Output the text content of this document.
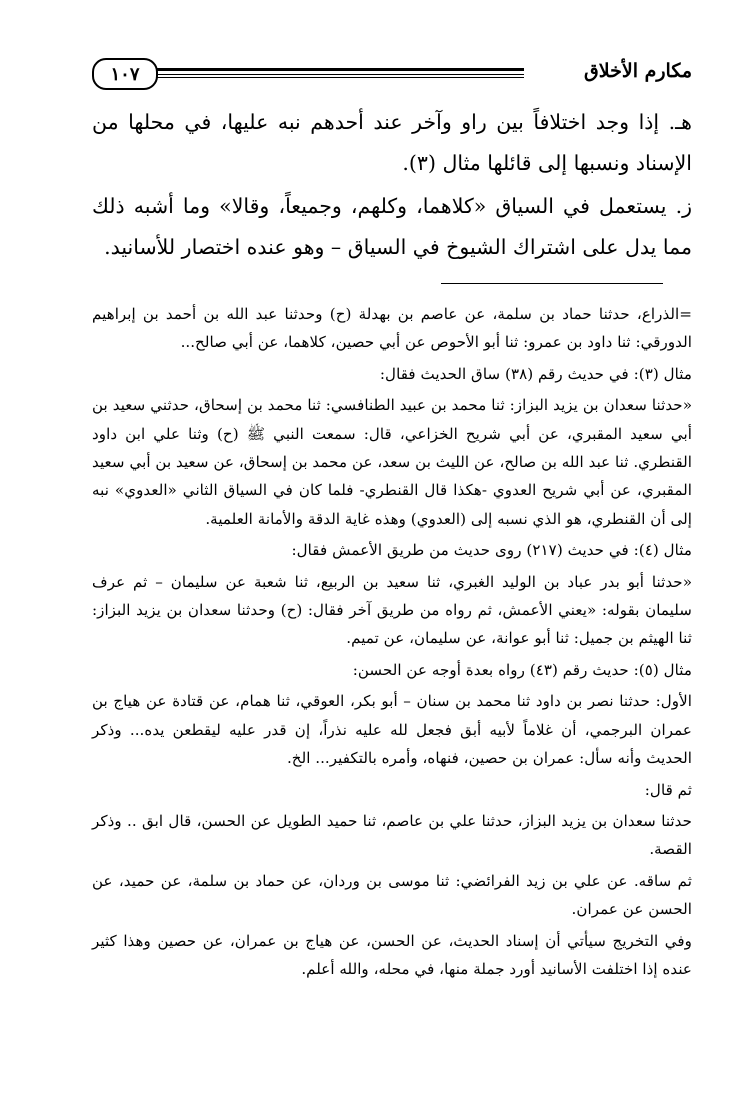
١٠٧	مكارم الأخلاق

هـ. إذا وجد اختلافاً بين راو وآخر عند أحدهم نبه عليها، في محلها من الإسناد ونسبها إلى قائلها مثال (٣).

ز. يستعمل في السياق «كلاهما، وكلهم، وجميعاً، وقالا» وما أشبه ذلك مما يدل على اشتراك الشيوخ في السياق – وهو عنده اختصار للأسانيد.

=الذراع، حدثنا حماد بن سلمة، عن عاصم بن بهدلة (ح) وحدثنا عبد الله بن أحمد بن إبراهيم الدورقي: ثنا داود بن عمرو: ثنا أبو الأحوص عن أبي حصين، كلاهما، عن أبي صالح...

مثال (٣): في حديث رقم (٣٨) ساق الحديث فقال:

«حدثنا سعدان بن يزيد البزاز: ثنا محمد بن عبيد الطنافسي: ثنا محمد بن إسحاق، حدثني سعيد بن أبي سعيد المقبري، عن أبي شريح الخزاعي، قال: سمعت النبي ﷺ (ح) وثنا علي ابن داود القنطري. ثنا عبد الله بن صالح، عن الليث بن سعد، عن محمد بن إسحاق، عن سعيد بن أبي سعيد المقبري، عن أبي شريح العدوي -هكذا قال القنطري- فلما كان في السياق الثاني «العدوي» نبه إلى أن القنطري، هو الذي نسبه إلى (العدوي) وهذه غاية الدقة والأمانة العلمية.

مثال (٤): في حديث (٢١٧) روى حديث من طريق الأعمش فقال:

«حدثنا أبو بدر عباد بن الوليد الغبري، ثنا سعيد بن الربيع، ثنا شعبة عن سليمان – ثم عرف سليمان بقوله: «يعني الأعمش، ثم رواه من طريق آخر فقال: (ح) وحدثنا سعدان بن يزيد البزاز: ثنا الهيثم بن جميل: ثنا أبو عوانة، عن سليمان، عن تميم.

مثال (٥): حديث رقم (٤٣) رواه بعدة أوجه عن الحسن:

الأول: حدثنا نصر بن داود ثنا محمد بن سنان – أبو بكر، العوقي، ثنا همام، عن قتادة عن هياج بن عمران البرجمي، أن غلاماً لأبيه أبق فجعل لله عليه نذراً، إن قدر عليه ليقطعن يده... وذكر الحديث وأنه سأل: عمران بن حصين، فنهاه، وأمره بالتكفير... الخ.

ثم قال:

حدثنا سعدان بن يزيد البزاز، حدثنا علي بن عاصم، ثنا حميد الطويل عن الحسن، قال ابق .. وذكر القصة.

ثم ساقه. عن علي بن زيد الفرائضي: ثنا موسى بن وردان، عن حماد بن سلمة، عن حميد، عن الحسن عن عمران.

وفي التخريج سيأتي أن إسناد الحديث، عن الحسن، عن هياج بن عمران، عن حصين وهذا كثير عنده إذا اختلفت الأسانيد أورد جملة منها، في محله، والله أعلم.
